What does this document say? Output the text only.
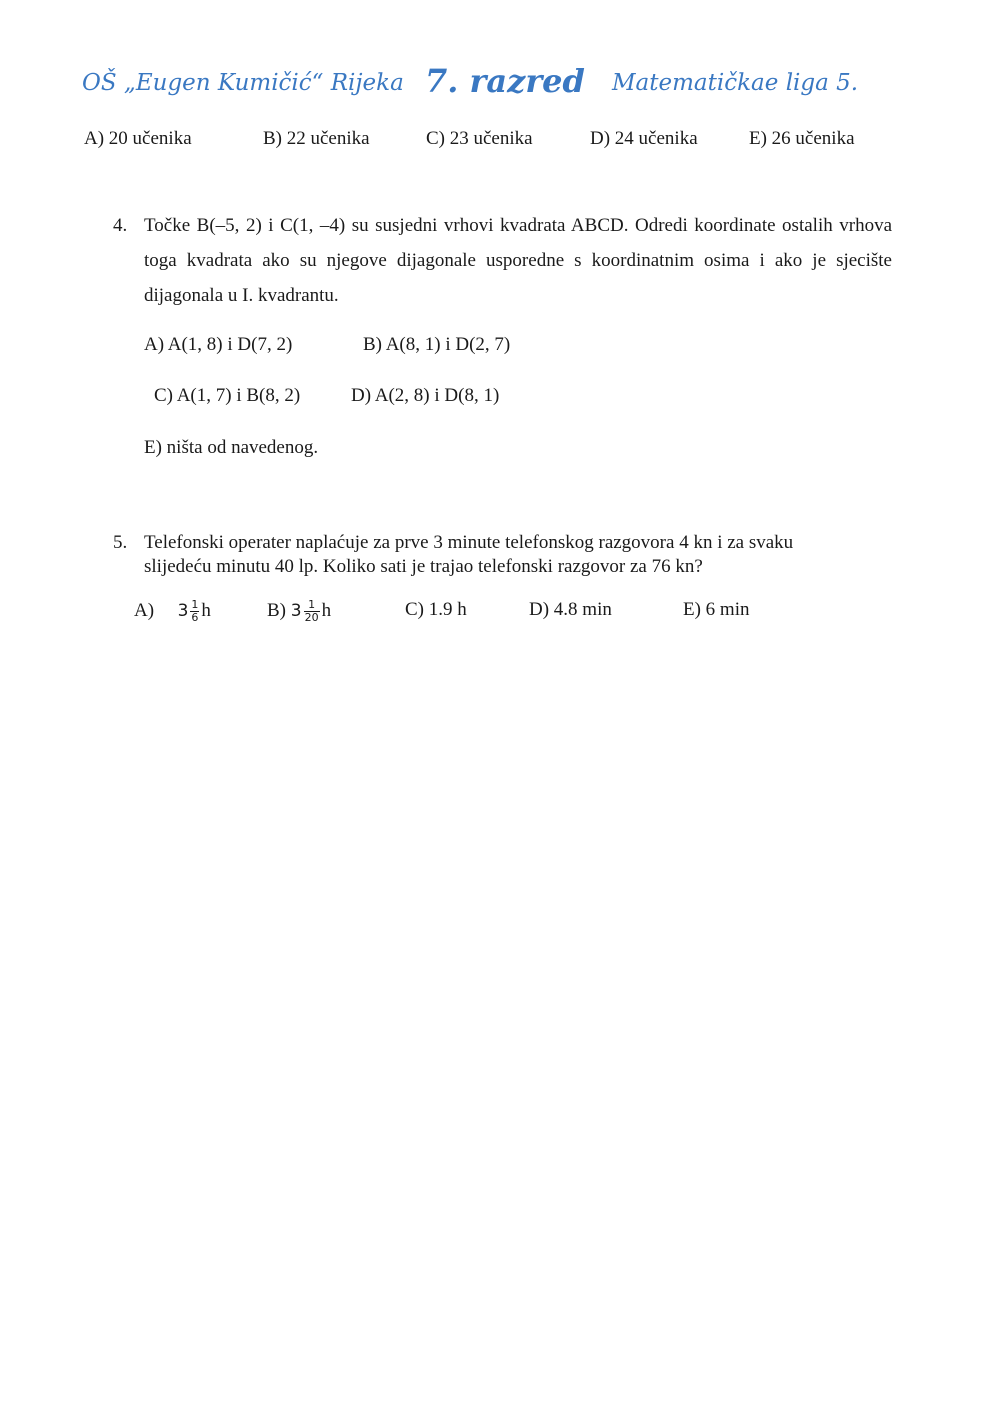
OŠ „Eugen Kumičić“ Rijeka 7. razred Matematičkae liga 5.
A) 20 učenika	B) 22 učenika	C) 23 učenika	D) 24 učenika	E) 26 učenika
4. Točke B(–5, 2) i C(1, –4) su susjedni vrhovi kvadrata ABCD. Odredi koordinate ostalih vrhova toga kvadrata ako su njegove dijagonale usporedne s koordinatnim osima i ako je sjecište dijagonala u I. kvadrantu.
A) A(1, 8) i D(7, 2)	B) A(8, 1) i D(2, 7)
C) A(1, 7) i B(8, 2)	D) A(2, 8) i D(8, 1)
E) ništa od navedenog.
5. Telefonski operater naplaćuje za prve 3 minute telefonskog razgovora 4 kn i za svaku
slijedeću minutu 40 lp. Koliko sati je trajao telefonski razgovor za 76 kn?
A) $3 \frac{1}{6}$ h	B) $3 \frac{1}{20}$ h	C) 1.9 h	D) 4.8 min	E) 6 min
